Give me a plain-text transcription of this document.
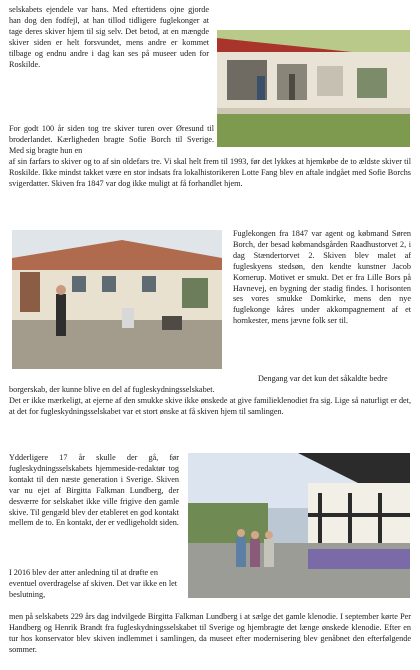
selskabets ejendele var hans. Med eftertidens ojne gjorde han dog den fodfejl, at han tillod tidligere fuglekonger at tage deres skiver hjem til sig selv. Det betod, at en mængde skiver siden er helt forsvundet, mens andre er kommet tilbage og endnu andre i dag kan ses på museer uden for Roskilde.

For godt 100 år siden tog tre skiver turen over Øresund til broderlandet. Kærligheden bragte Sofie Borch til Sverige. Med sig bragte hun en

af sin farfars to skiver og to af sin oldefars tre. Vi skal helt frem til 1993, før det lykkes at hjemkøbe de to ældste skiver til Roskilde. Ikke mindst takket være en stor indsats fra lokalhistorikeren Lotte Fang blev en aftale indgået med Sofie Borchs svigerdatter. Skiven fra 1847 var dog ikke muligt at få forhandlet hjem.

Fuglekongen fra 1847 var agent og købmand Søren Borch, der besad købmandsgården Raadhustorvet 2, i dag Stændertorvet 2. Skiven blev malet af fugleskyens stedsøn, den kendte kunstner Jacob Kornerup. Motivet er smukt. Det er fra Lille Bors på Havnevej, en bygning der stadig findes. I horisonten ses vores smukke Domkirke, mens den nye fuglekonge kåres under akkompagnement af et hornkester, mens jævne folk ser til.

Dengang var det kun det såkaldte bedre

borgerskab, der kunne blive en del af fugleskydningsselskabet.

Det er ikke mærkeligt, at ejerne af den smukke skive ikke ønskede at give familieklenodiet fra sig. Lige så naturligt er det, at det for fugleskydningsselskabet var et stort ønske at få skiven hjem til samlingen.

Ydderligere 17 år skulle der gå, før fugleskydningsselskabets hjemmeside-redaktør tog kontakt til den næste generation i Sverige. Skiven var nu ejet af Birgitta Falkman Lundberg, der desværre for selskabet ikke ville frigive den gamle skive. Til gengæld blev der etableret en god kontakt mellem de to. En kontakt, der er vedligeholdt siden.

I 2016 blev der atter anledning til at drøfte en eventuel overdragelse af skiven. Det var ikke en let beslutning,

men på selskabets 229 års dag indvilgede Birgitta Falkman Lundberg i at sælge det gamle klenodie. I september kørte Per Handberg og Henrik Brandt fra fugleskydningsselskabet til Sverige og hjembragte det længe ønskede klenodie. Efter en tur hos konservator blev skiven indlemmet i samlingen, da museet efter modernisering blev genåbnet den efterfølgende sommer.
